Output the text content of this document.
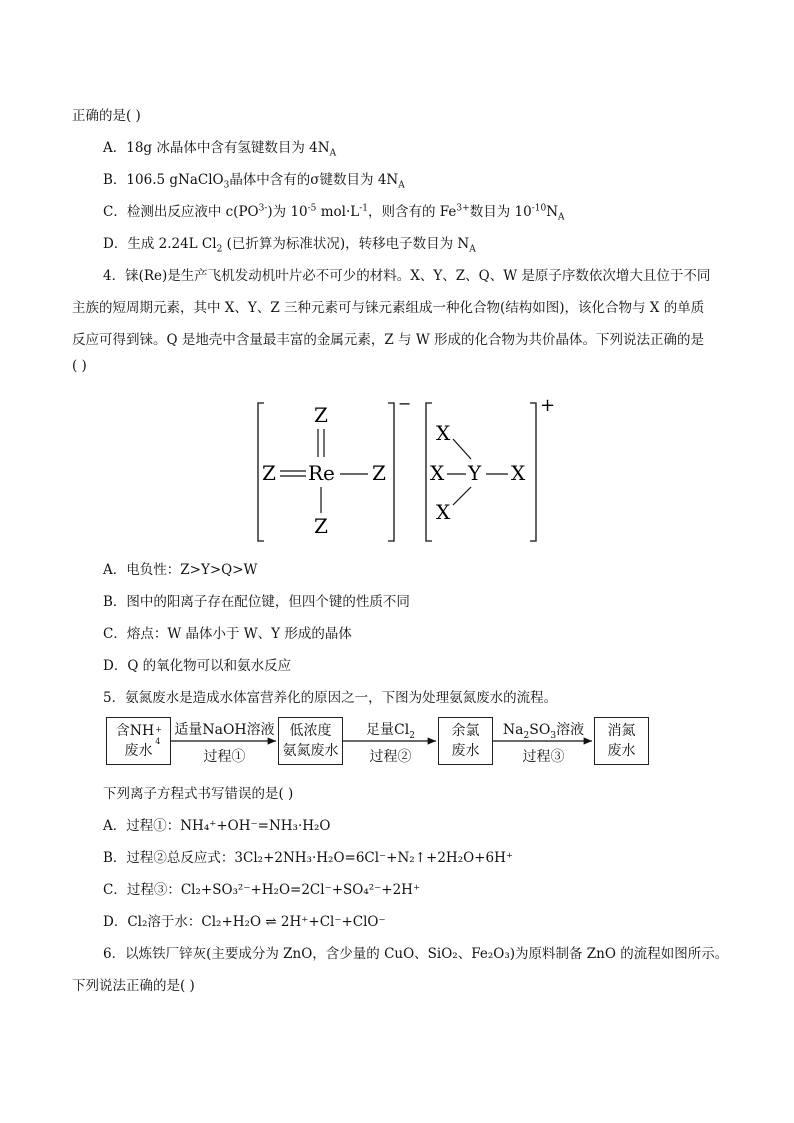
正确的是( )
A．18g 冰晶体中含有氢键数目为 $4N_A$
B．106.5 gNaClO$_3$晶体中含有的σ键数目为 $4N_A$
C．检测出反应液中 $c(PO^{3-})$为 $10^{-5}$ $mol\cdot L^{-1}$，则含有的 $Fe^{3+}$数目为 $10^{-10}N_A$
D．生成 2.24L $Cl_2$ (已折算为标准状况)，转移电子数目为 $N_A$
4．铼(Re)是生产飞机发动机叶片必不可少的材料。X、Y、Z、Q、W 是原子序数依次增大且位于不同
主族的短周期元素，其中 X、Y、Z 三种元素可与铼元素组成一种化合物(结构如图)，该化合物与 X 的单质
反应可得到铼。Q 是地壳中含量最丰富的金属元素，Z 与 W 形成的化合物为共价晶体。下列说法正确的是
( )
−
Z
Re
Z	Z
Z
+
X
X Y X
X
A．电负性：Z>Y>Q>W
B．图中的阳离子存在配位键，但四个键的性质不同
C．熔点：W 晶体小于 W、Y 形成的晶体
D．Q 的氧化物可以和氨水反应
5．氨氮废水是造成水体富营养化的原因之一，下图为处理氨氮废水的流程。
含NH +
4
废水
适量NaOH溶液
过程①
低浓度
氨氮废水
足量$Cl_2$
过程②
余氯
废水
$Na_2SO_3$溶液
过程③
消氮
废水
下列离子方程式书写错误的是( )
A．过程①：NH₄⁺+OH⁻=NH₃·H₂O
B．过程②总反应式：3Cl₂+2NH₃·H₂O=6Cl⁻+N₂↑+2H₂O+6H⁺
C．过程③：Cl₂+SO₃²⁻+H₂O=2Cl⁻+SO₄²⁻+2H⁺
D．Cl₂溶于水：Cl₂+H₂O ⇌ 2H⁺+Cl⁻+ClO⁻
6．以炼铁厂锌灰(主要成分为 ZnO，含少量的 CuO、SiO₂、Fe₂O₃)为原料制备 ZnO 的流程如图所示。
下列说法正确的是( )
